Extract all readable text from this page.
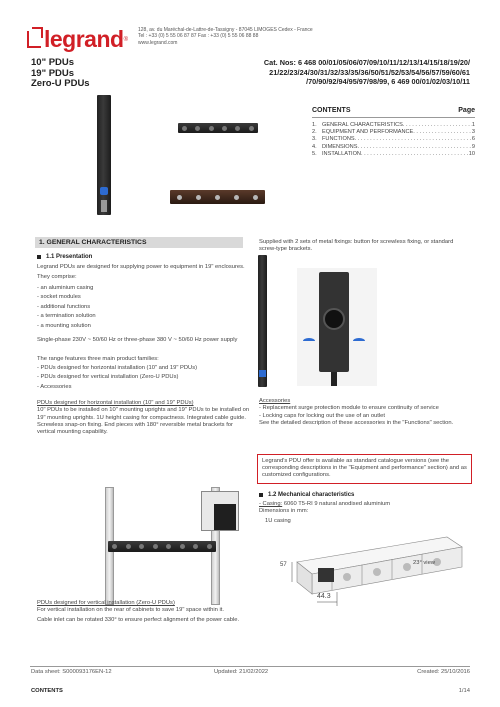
legrand ®
128, av. du Maréchal-de-Lattre-de-Tassigny - 87045 LIMOGES Cedex - France
Tel : +33 (0) 5 55 06 87 87 Fax : +33 (0) 5 55 06 88 88
www.legrand.com
10" PDUs
19" PDUs
Zero-U PDUs
Cat. Nos: 6 468 00/01/05/06/07/09/10/11/12/13/14/15/18/19/20/
21/22/23/24/30/31/32/33/35/36/50/51/52/53/54/56/57/59/60/61
/70/90/92/94/95/97/98/99, 6 469 00/01/02/03/10/11
CONTENTS	Page
1. GENERAL CHARACTERISTICS . . .	1
2. EQUIPMENT AND PERFORMANCE . . .	3
3. FUNCTIONS . . .	6
4. DIMENSIONS . . .	9
5. INSTALLATION . . .	10
1. GENERAL CHARACTERISTICS
1.1 Presentation
Legrand PDUs are designed for supplying power to equipment in 19" enclosures.
They comprise:
- an aluminium casing
- socket modules
- additional functions
- a termination solution
- a mounting solution
Single-phase 230V ~ 50/60 Hz or three-phase 380 V ~ 50/60 Hz power supply
The range features three main product families:
- PDUs designed for horizontal installation (10" and 19" PDUs)
- PDUs designed for vertical installation (Zero-U PDUs)
- Accessories
PDUs designed for horizontal installation (10" and 19" PDUs)
10" PDUs to be installed on 10" mounting uprights and 19" PDUs to be installed on 19" mounting uprights. 1U height casing for compactness. Integrated cable guide. Screwless snap-on fixing. End pieces with 180° reversible metal brackets for vertical mounting capability.
PDUs designed for vertical installation (Zero-U PDUs)
For vertical installation on the rear of cabinets to save 19" space within it.
Cable inlet can be rotated 330° to ensure perfect alignment of the power cable.
Supplied with 2 sets of metal fixings: button for screwless fixing, or standard screw-type brackets.
Accessories
- Replacement surge protection module to ensure continuity of service
- Locking caps for locking out the use of an outlet
See the detailed description of these accessories in the "Functions" section.
Legrand's PDU offer is available as standard catalogue versions (see the corresponding descriptions in the "Equipment and performance" section) and as customized configurations.
1.2 Mechanical characteristics
- Casing: 6060 T5-RI 9 natural anodised aluminium
Dimensions in mm:
1U casing
57
44.3
23° view
Data sheet: S000093176EN-12	Updated: 21/02/2022	Created: 25/10/2016
CONTENTS	1/14
